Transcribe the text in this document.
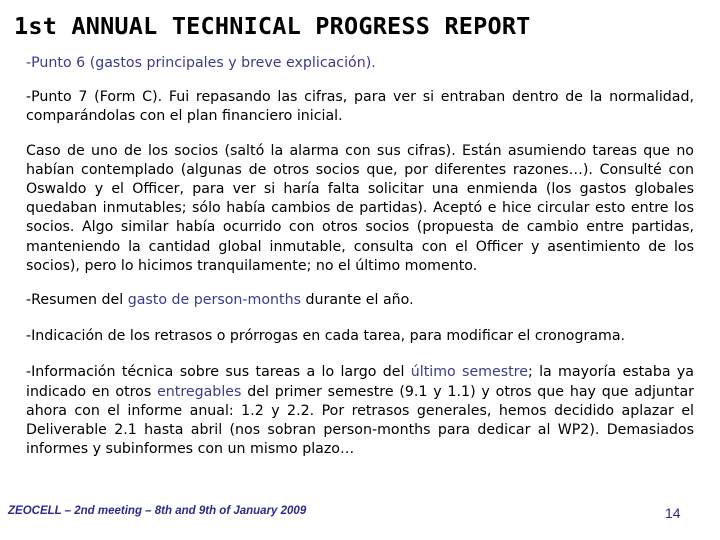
1st ANNUAL TECHNICAL PROGRESS REPORT

-Punto 6 (gastos principales y breve explicación).

-Punto 7 (Form C). Fui repasando las cifras, para ver si entraban dentro de la normalidad, comparándolas con el plan financiero inicial.

Caso de uno de los socios (saltó la alarma con sus cifras). Están asumiendo tareas que no habían contemplado (algunas de otros socios que, por diferentes razones…). Consulté con Oswaldo y el Officer, para ver si haría falta solicitar una enmienda (los gastos globales quedaban inmutables; sólo había cambios de partidas). Aceptó e hice circular esto entre los socios. Algo similar había ocurrido con otros socios (propuesta de cambio entre partidas, manteniendo la cantidad global inmutable, consulta con el Officer y asentimiento de los socios), pero lo hicimos tranquilamente; no el último momento.

-Resumen del gasto de person-months durante el año.

-Indicación de los retrasos o prórrogas en cada tarea, para modificar el cronograma.

-Información técnica sobre sus tareas a lo largo del último semestre; la mayoría estaba ya indicado en otros entregables del primer semestre (9.1 y 1.1) y otros que hay que adjuntar ahora con el informe anual: 1.2 y 2.2. Por retrasos generales, hemos decidido aplazar el Deliverable 2.1 hasta abril (nos sobran person-months para dedicar al WP2). Demasiados informes y subinformes con un mismo plazo…

ZEOCELL – 2nd meeting – 8th and 9th of January 2009	14
